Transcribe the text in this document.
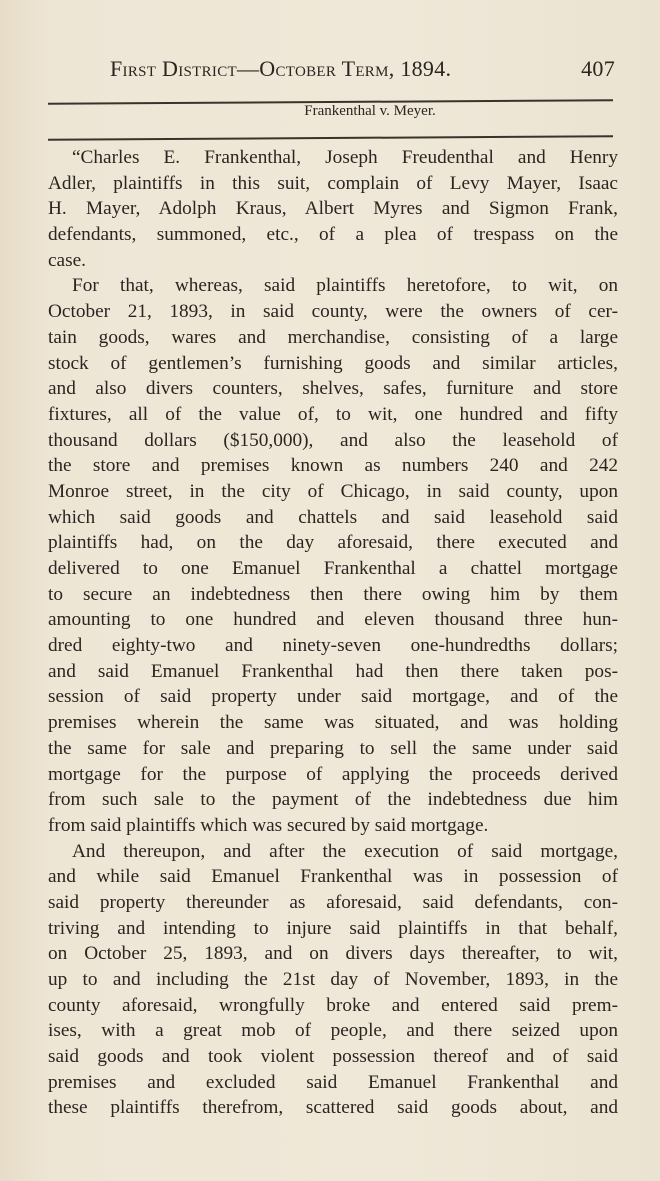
First District—October Term, 1894.	407
Frankenthal v. Meyer.
“Charles E. Frankenthal, Joseph Freudenthal and Henry
Adler, plaintiffs in this suit, complain of Levy Mayer, Isaac
H. Mayer, Adolph Kraus, Albert Myres and Sigmon Frank,
defendants, summoned, etc., of a plea of trespass on the
case.
For that, whereas, said plaintiffs heretofore, to wit, on
October 21, 1893, in said county, were the owners of cer-
tain goods, wares and merchandise, consisting of a large
stock of gentlemen’s furnishing goods and similar articles,
and also divers counters, shelves, safes, furniture and store
fixtures, all of the value of, to wit, one hundred and fifty
thousand dollars ($150,000), and also the leasehold of
the store and premises known as numbers 240 and 242
Monroe street, in the city of Chicago, in said county, upon
which said goods and chattels and said leasehold said
plaintiffs had, on the day aforesaid, there executed and
delivered to one Emanuel Frankenthal a chattel mortgage
to secure an indebtedness then there owing him by them
amounting to one hundred and eleven thousand three hun-
dred eighty-two and ninety-seven one-hundredths dollars;
and said Emanuel Frankenthal had then there taken pos-
session of said property under said mortgage, and of the
premises wherein the same was situated, and was holding
the same for sale and preparing to sell the same under said
mortgage for the purpose of applying the proceeds derived
from such sale to the payment of the indebtedness due him
from said plaintiffs which was secured by said mortgage.
And thereupon, and after the execution of said mortgage,
and while said Emanuel Frankenthal was in possession of
said property thereunder as aforesaid, said defendants, con-
triving and intending to injure said plaintiffs in that behalf,
on October 25, 1893, and on divers days thereafter, to wit,
up to and including the 21st day of November, 1893, in the
county aforesaid, wrongfully broke and entered said prem-
ises, with a great mob of people, and there seized upon
said goods and took violent possession thereof and of said
premises and excluded said Emanuel Frankenthal and
these plaintiffs therefrom, scattered said goods about, and
